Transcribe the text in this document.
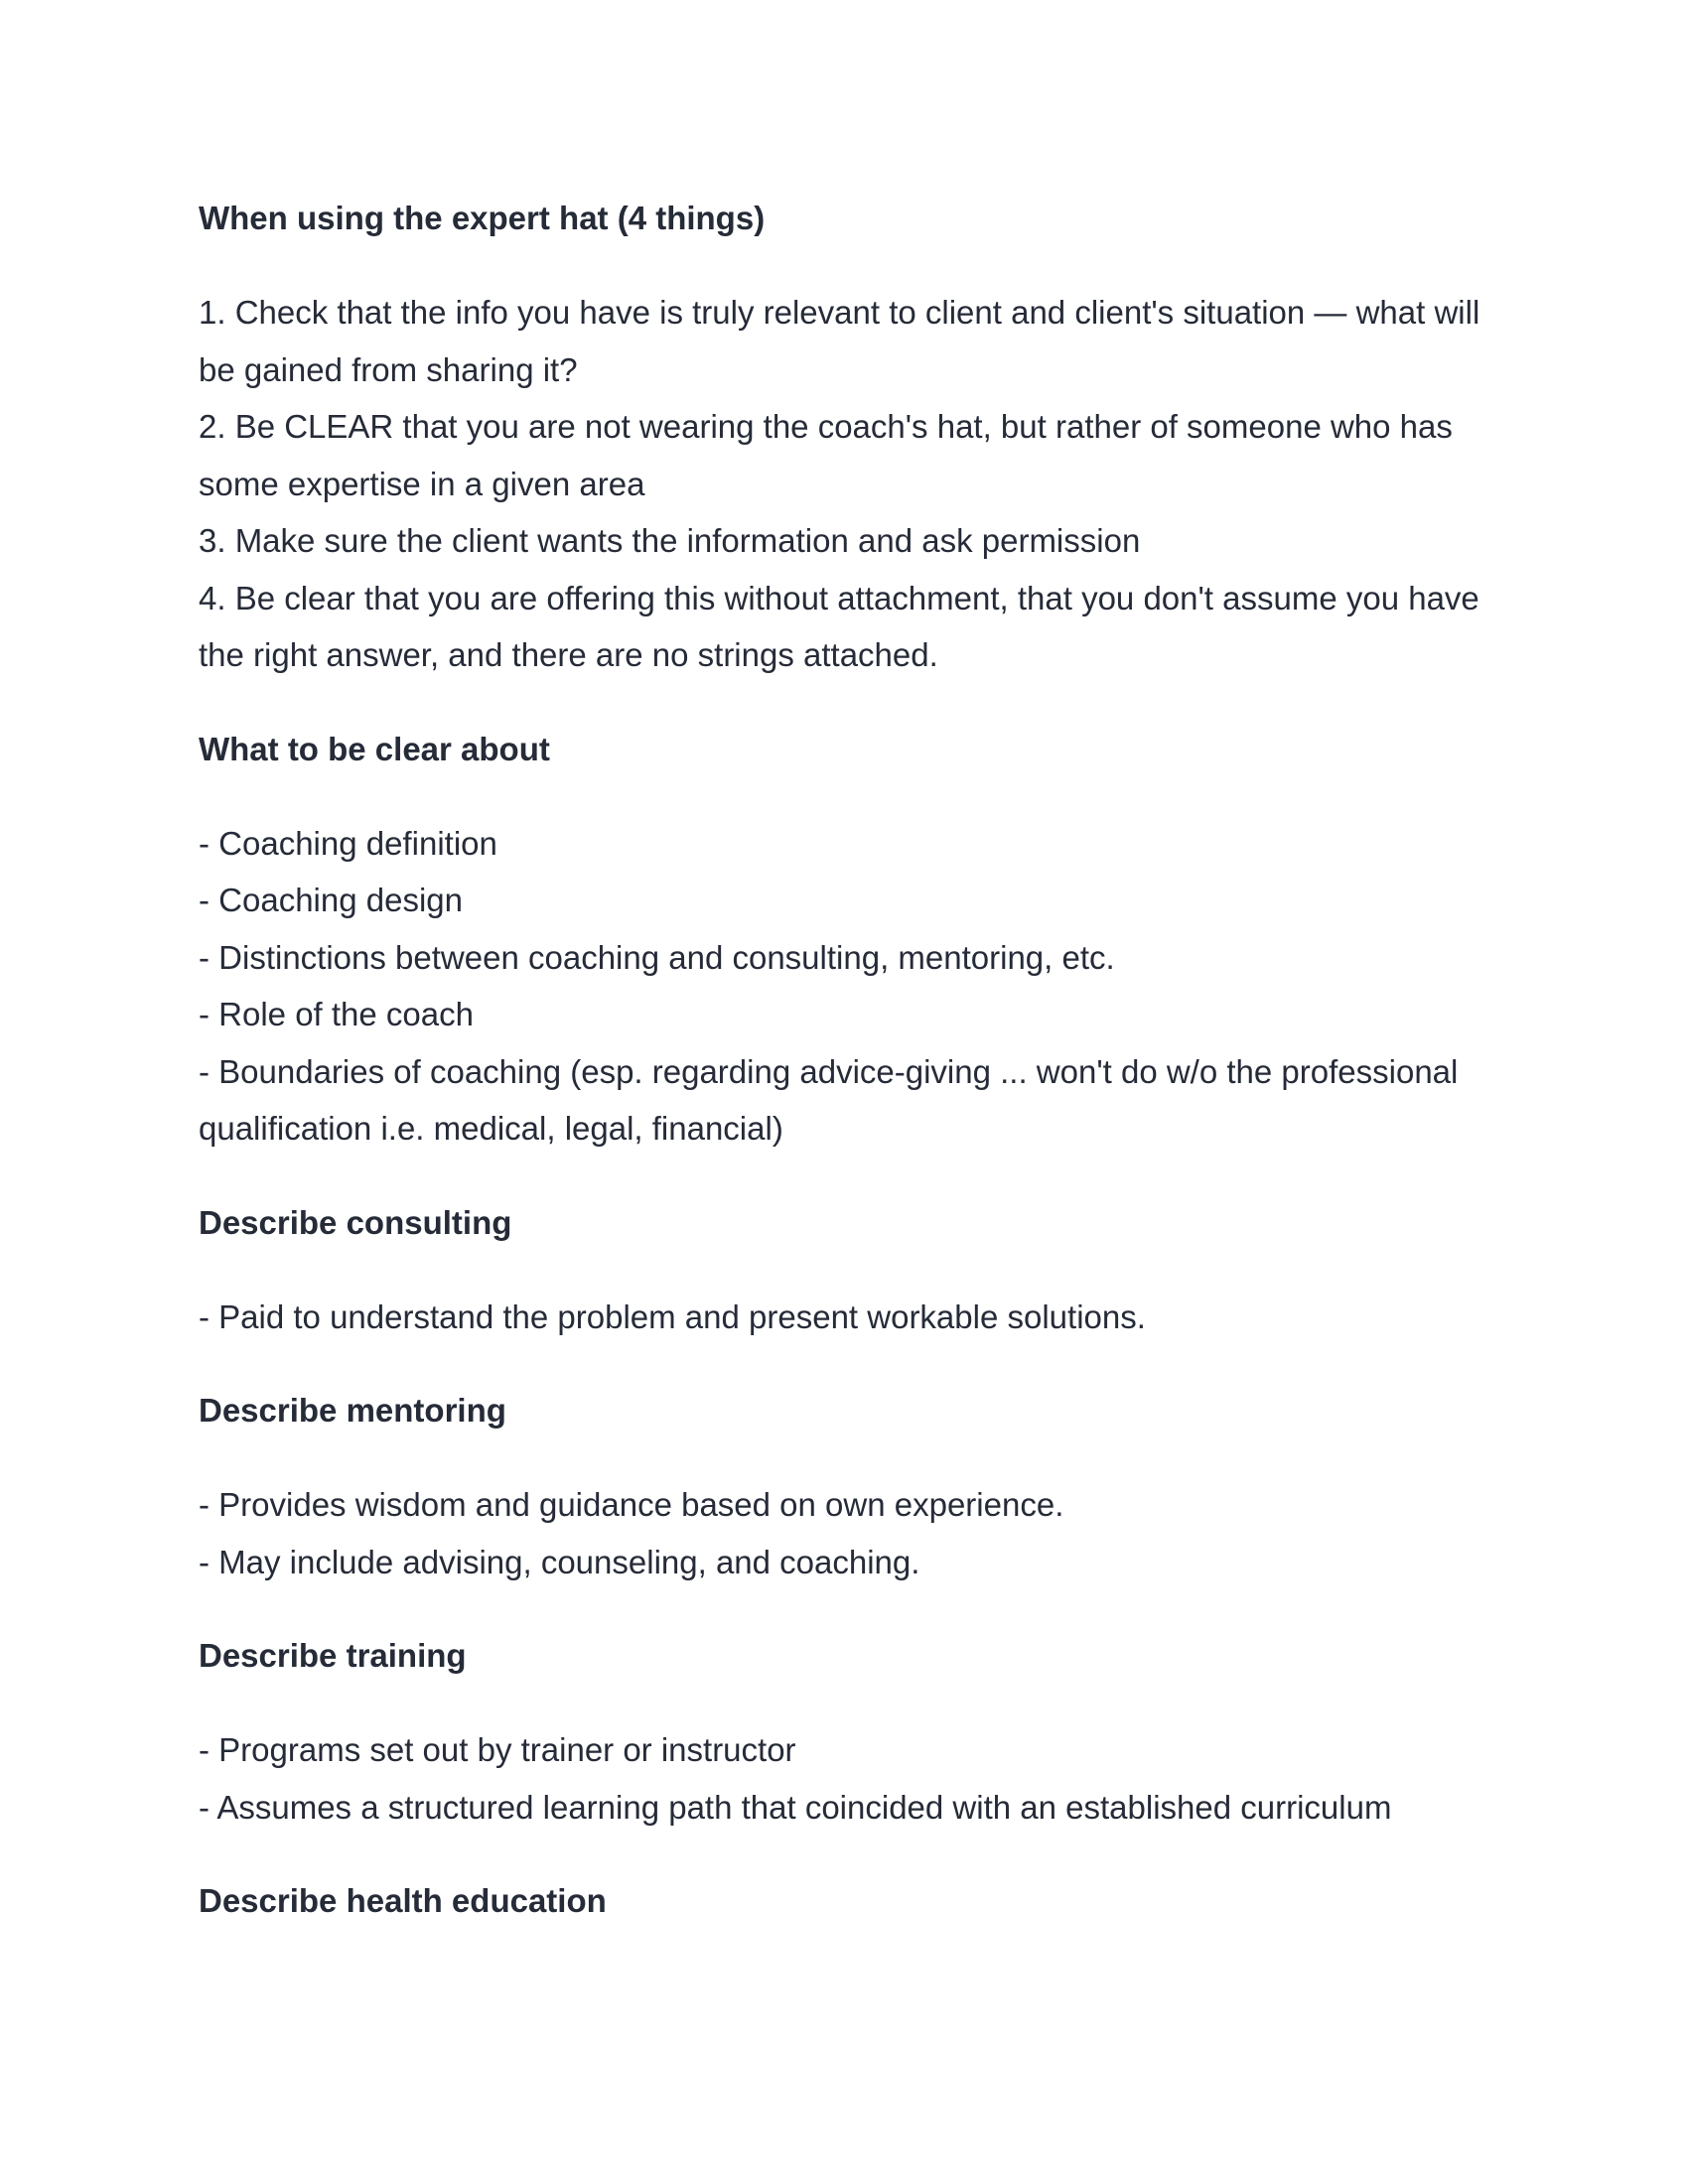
When using the expert hat (4 things)

1. Check that the info you have is truly relevant to client and client's situation — what will be gained from sharing it?

2. Be CLEAR that you are not wearing the coach's hat, but rather of someone who has some expertise in a given area

3. Make sure the client wants the information and ask permission

4. Be clear that you are offering this without attachment, that you don't assume you have the right answer, and there are no strings attached.

What to be clear about

- Coaching definition

- Coaching design

- Distinctions between coaching and consulting, mentoring, etc.

- Role of the coach

- Boundaries of coaching (esp. regarding advice-giving ... won't do w/o the professional qualification i.e. medical, legal, financial)

Describe consulting

- Paid to understand the problem and present workable solutions.

Describe mentoring

- Provides wisdom and guidance based on own experience.

- May include advising, counseling, and coaching.

Describe training

- Programs set out by trainer or instructor

- Assumes a structured learning path that coincided with an established curriculum

Describe health education
